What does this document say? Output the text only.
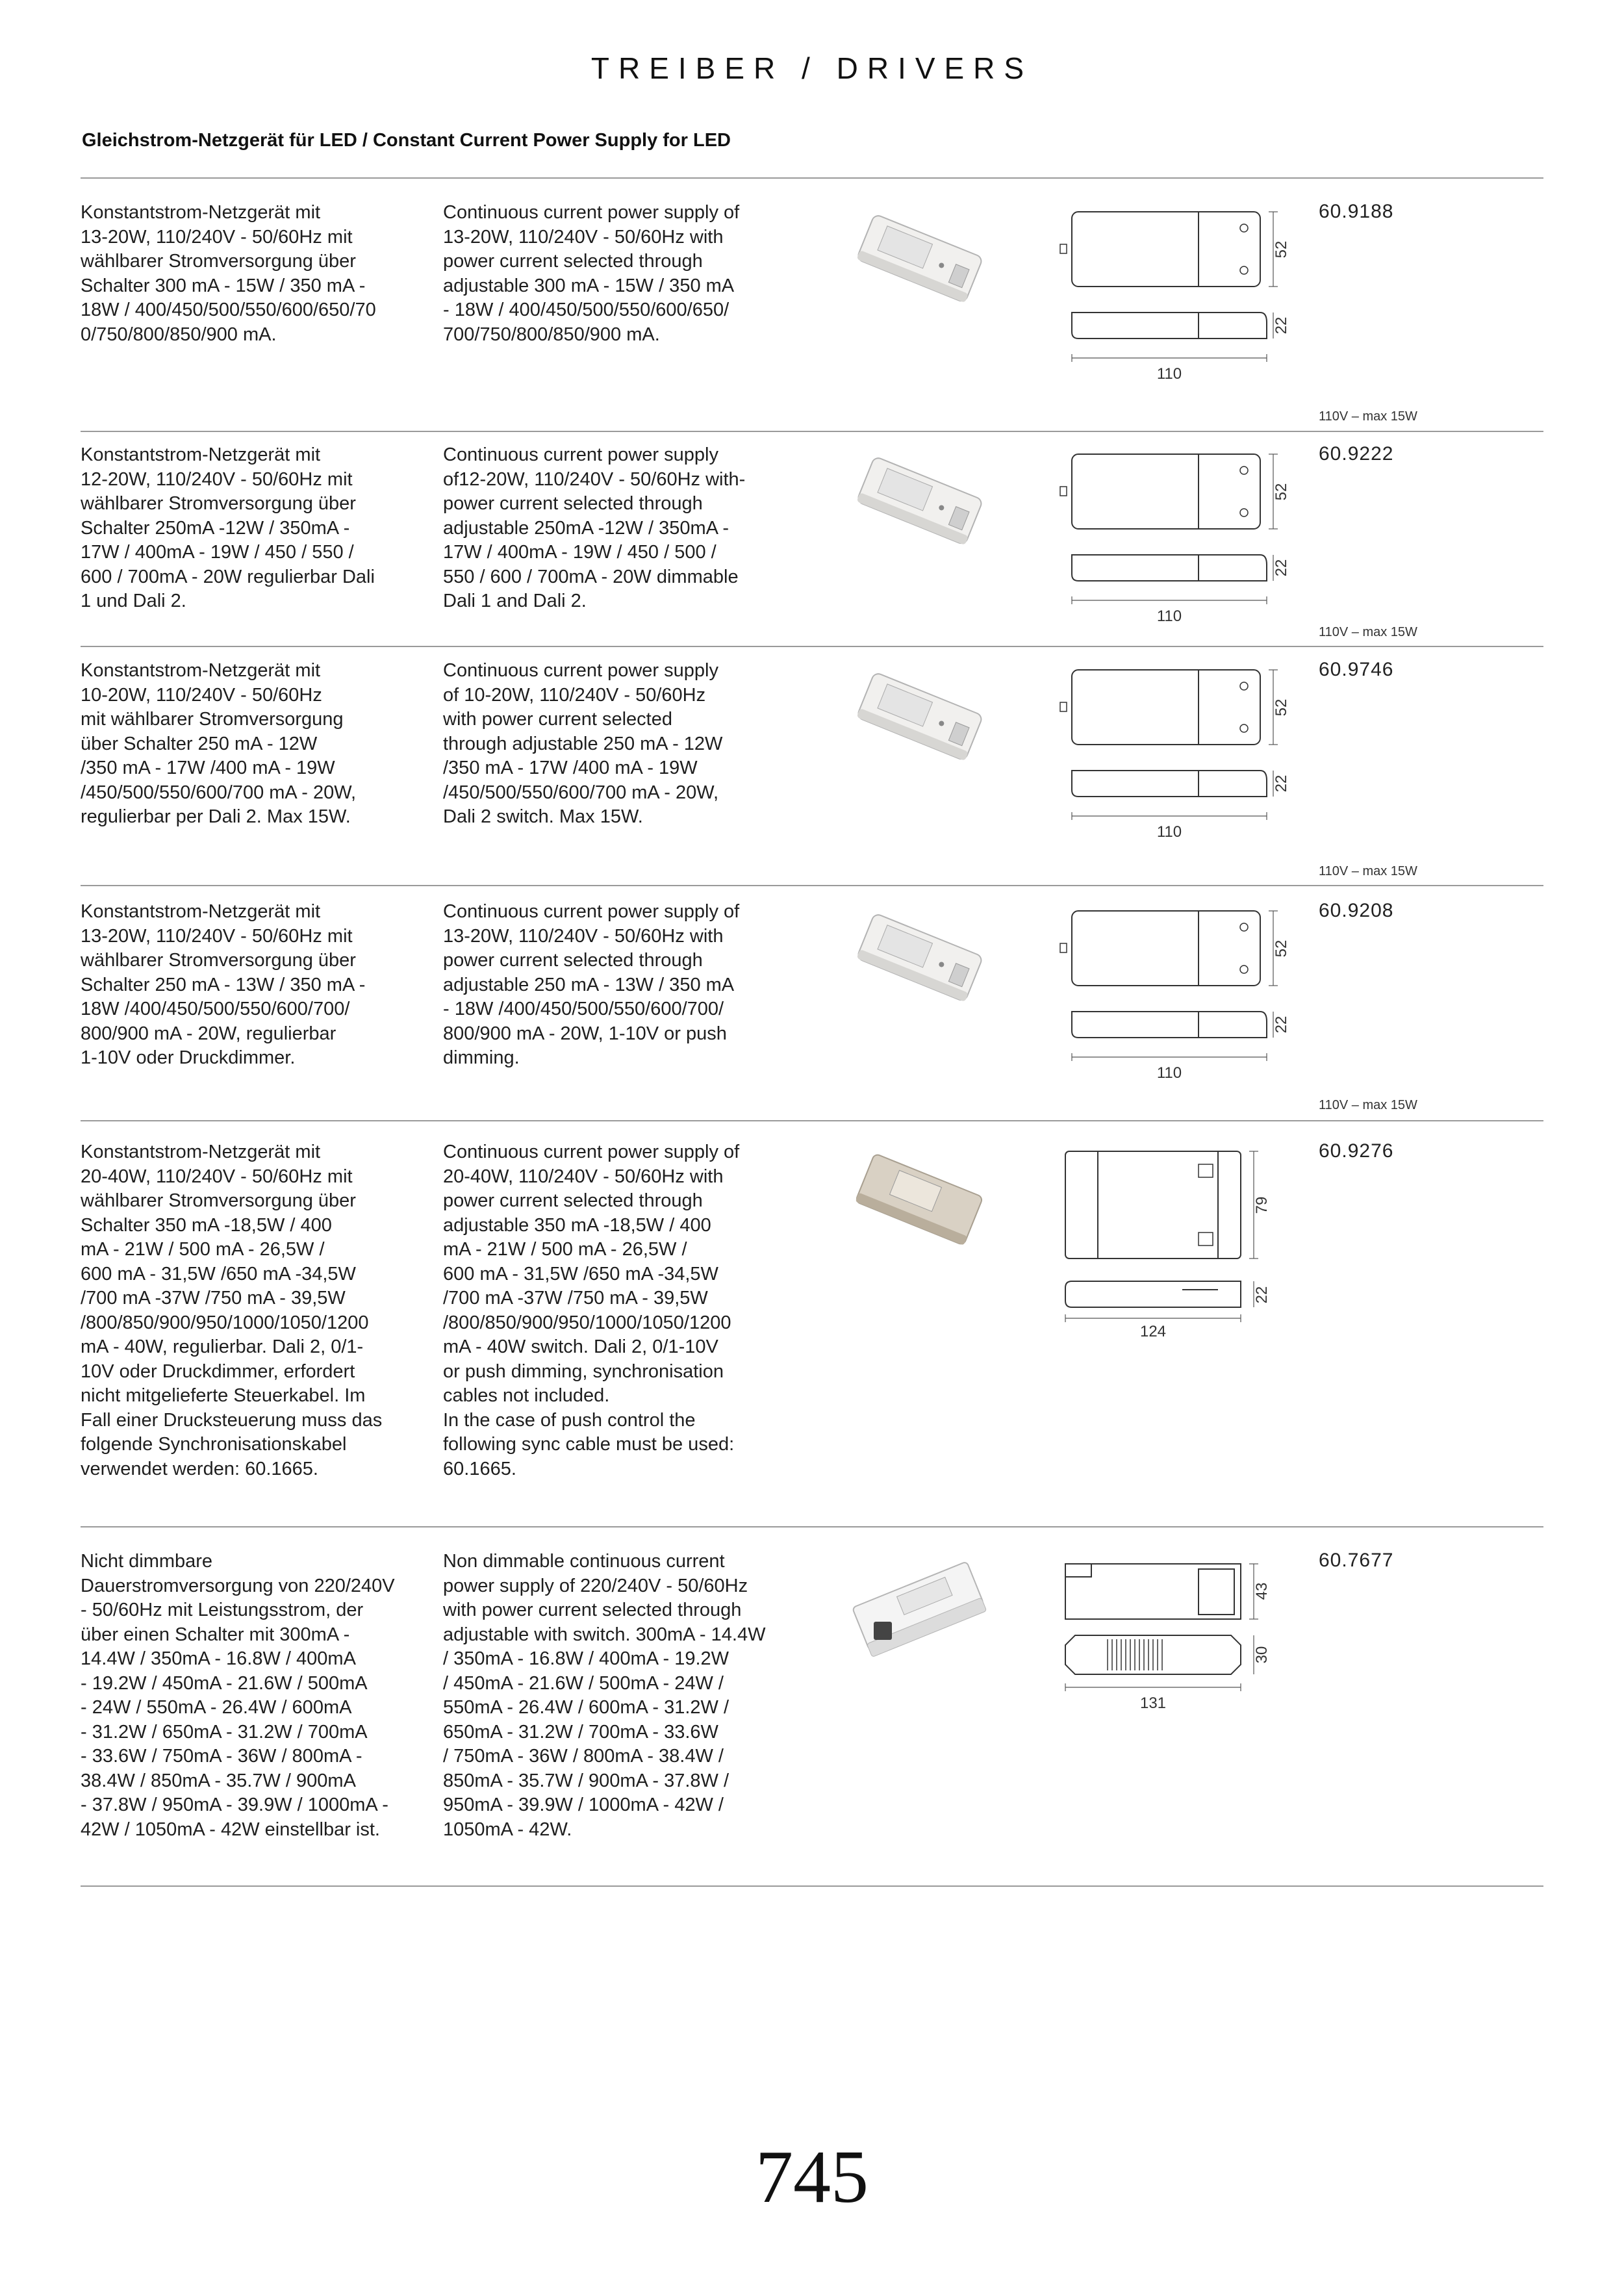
TREIBER / DRIVERS
Gleichstrom-Netzgerät für LED / Constant Current Power Supply for LED
110V – max 15W
110V – max 15W
110V – max 15W
110V – max 15W
745
Konstantstrom-Netzgerät mit
13-20W, 110/240V - 50/60Hz mit
wählbarer Stromversorgung über
Schalter 300 mA - 15W / 350 mA -
18W / 400/450/500/550/600/650/70
0/750/800/850/900 mA.
Continuous current power supply of
13-20W, 110/240V - 50/60Hz with
power current selected through
adjustable 300 mA - 15W / 350 mA
- 18W / 400/450/500/550/600/650/
700/750/800/850/900 mA.
60.9188
52
22
110
Konstantstrom-Netzgerät mit
12-20W, 110/240V - 50/60Hz mit
wählbarer Stromversorgung über
Schalter 250mA -12W / 350mA -
17W / 400mA - 19W / 450 / 550 /
600 / 700mA - 20W regulierbar Dali
1 und Dali 2.
Continuous current power supply
of12-20W, 110/240V - 50/60Hz with-
power current selected through
adjustable 250mA -12W / 350mA -
17W / 400mA - 19W / 450 / 500 /
550 / 600 / 700mA - 20W dimmable
Dali 1 and Dali 2.
60.9222
52
22
110
Konstantstrom-Netzgerät mit
10-20W, 110/240V - 50/60Hz
mit wählbarer Stromversorgung
über Schalter 250 mA - 12W
/350 mA - 17W /400 mA - 19W
/450/500/550/600/700 mA - 20W,
regulierbar per Dali 2. Max 15W.
Continuous current power supply
of 10-20W, 110/240V - 50/60Hz
with power current selected
through adjustable 250 mA - 12W
/350 mA - 17W /400 mA - 19W
/450/500/550/600/700 mA - 20W,
Dali 2 switch. Max 15W.
60.9746
52
22
110
Konstantstrom-Netzgerät mit
13-20W, 110/240V - 50/60Hz mit
wählbarer Stromversorgung über
Schalter 250 mA - 13W / 350 mA -
18W /400/450/500/550/600/700/
800/900 mA - 20W, regulierbar
1-10V oder Druckdimmer.
Continuous current power supply of
13-20W, 110/240V - 50/60Hz with
power current selected through
adjustable 250 mA - 13W / 350 mA
- 18W /400/450/500/550/600/700/
800/900 mA - 20W, 1-10V or push
dimming.
60.9208
52
22
110
Konstantstrom-Netzgerät mit
20-40W, 110/240V - 50/60Hz mit
wählbarer Stromversorgung über
Schalter 350 mA -18,5W / 400
mA - 21W / 500 mA - 26,5W /
600 mA - 31,5W /650 mA -34,5W
/700 mA -37W /750 mA - 39,5W
/800/850/900/950/1000/1050/1200
mA - 40W, regulierbar. Dali 2, 0/1-
10V oder Druckdimmer, erfordert
nicht mitgelieferte Steuerkabel. Im
Fall einer Drucksteuerung muss das
folgende Synchronisationskabel
verwendet werden: 60.1665.
Continuous current power supply of
20-40W, 110/240V - 50/60Hz with
power current selected through
adjustable 350 mA -18,5W / 400
mA - 21W / 500 mA - 26,5W /
600 mA - 31,5W /650 mA -34,5W
/700 mA -37W /750 mA - 39,5W
/800/850/900/950/1000/1050/1200
mA - 40W switch. Dali 2, 0/1-10V
or push dimming, synchronisation
cables not included.
In the case of push control the
following sync cable must be used:
60.1665.
60.9276
79
22
124
Nicht dimmbare
Dauerstromversorgung von 220/240V
- 50/60Hz mit Leistungsstrom, der
über einen Schalter mit 300mA -
14.4W / 350mA - 16.8W / 400mA
- 19.2W / 450mA - 21.6W / 500mA
- 24W / 550mA - 26.4W / 600mA
- 31.2W / 650mA - 31.2W / 700mA
- 33.6W / 750mA - 36W / 800mA -
38.4W / 850mA - 35.7W / 900mA
- 37.8W / 950mA - 39.9W / 1000mA -
42W / 1050mA - 42W einstellbar ist.
Non dimmable continuous current
power supply of 220/240V - 50/60Hz
with power current selected through
adjustable with switch. 300mA - 14.4W
/ 350mA - 16.8W / 400mA - 19.2W
/ 450mA - 21.6W / 500mA - 24W /
550mA - 26.4W / 600mA - 31.2W /
650mA - 31.2W / 700mA - 33.6W
/ 750mA - 36W / 800mA - 38.4W /
850mA - 35.7W / 900mA - 37.8W /
950mA - 39.9W / 1000mA - 42W /
1050mA - 42W.
60.7677
43
30
131
